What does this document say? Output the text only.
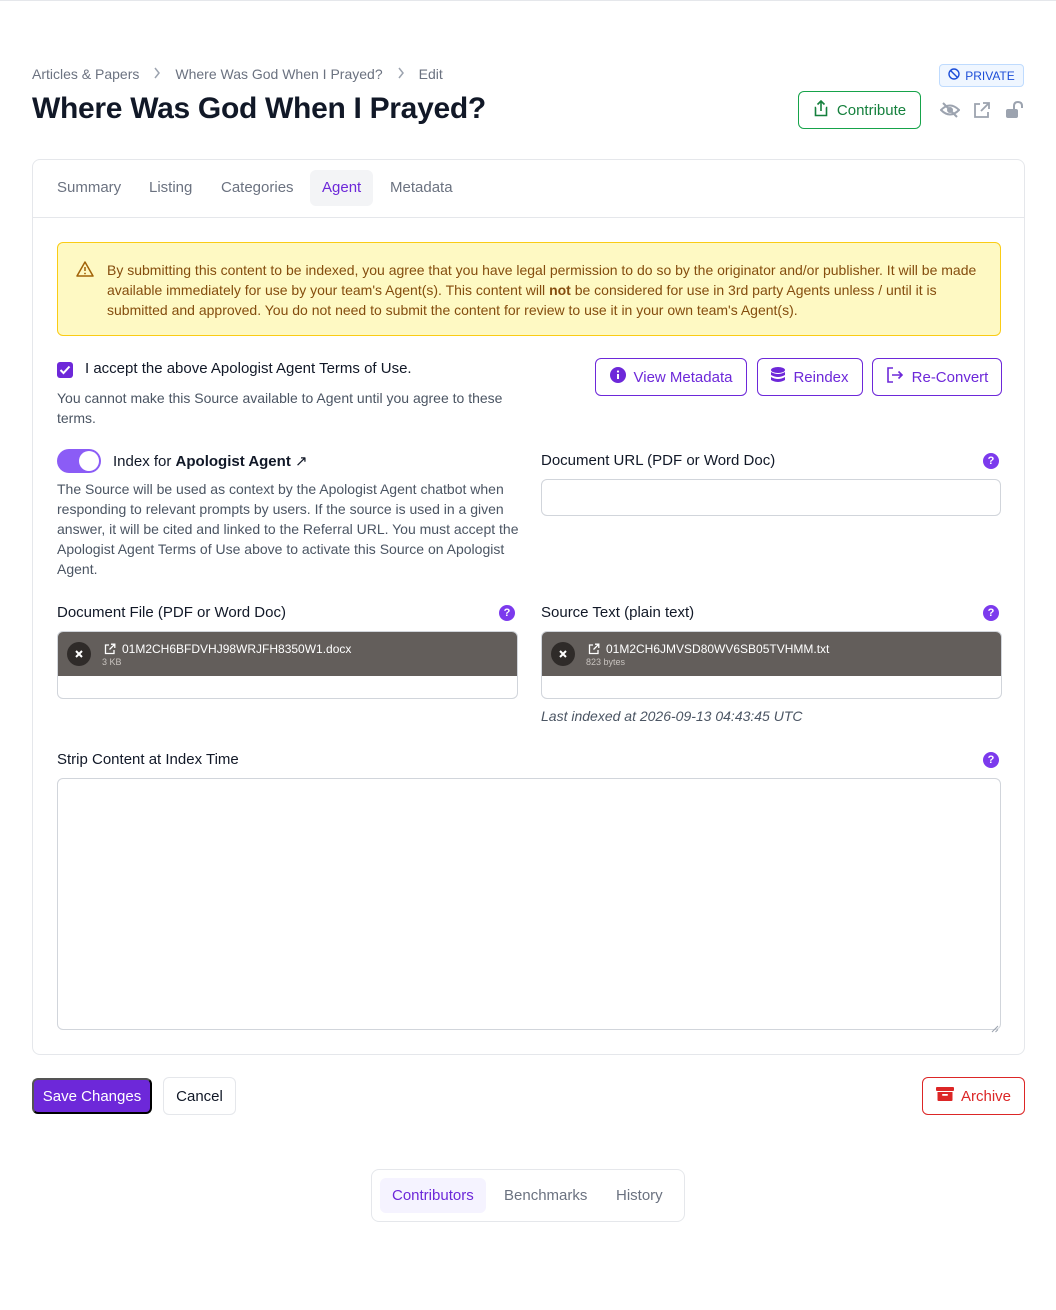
Articles & Papers	Where Was God When I Prayed?	Edit
Where Was God When I Prayed?
PRIVATE
Contribute
Summary	Listing	Categories	Agent	Metadata

By submitting this content to be indexed, you agree that you have legal permission to do so by the originator and/or publisher. It will be made available immediately for use by your team's Agent(s). This content will not be considered for use in 3rd party Agents unless / until it is submitted and approved. You do not need to submit the content for review to use it in your own team's Agent(s).

I accept the above Apologist Agent Terms of Use.

You cannot make this Source available to Agent until you agree to these terms.

View Metadata	Reindex	Re-Convert
Index for Apologist Agent ↗

The Source will be used as context by the Apologist Agent chatbot when responding to relevant prompts by users. If the source is used in a given answer, it will be cited and linked to the Referral URL. You must accept the Apologist Agent Terms of Use above to activate this Source on Apologist Agent.

Document URL (PDF or Word Doc)	?
Document File (PDF or Word Doc)	?
01M2CH6BFDVHJ98WRJFH8350W1.docx
3 KB
Source Text (plain text)	?
01M2CH6JMVSD80WV6SB05TVHMM.txt
823 bytes

Last indexed at 2026-09-13 04:43:45 UTC

Strip Content at Index Time	?
Save Changes	Cancel	Archive
Contributors	Benchmarks	History
